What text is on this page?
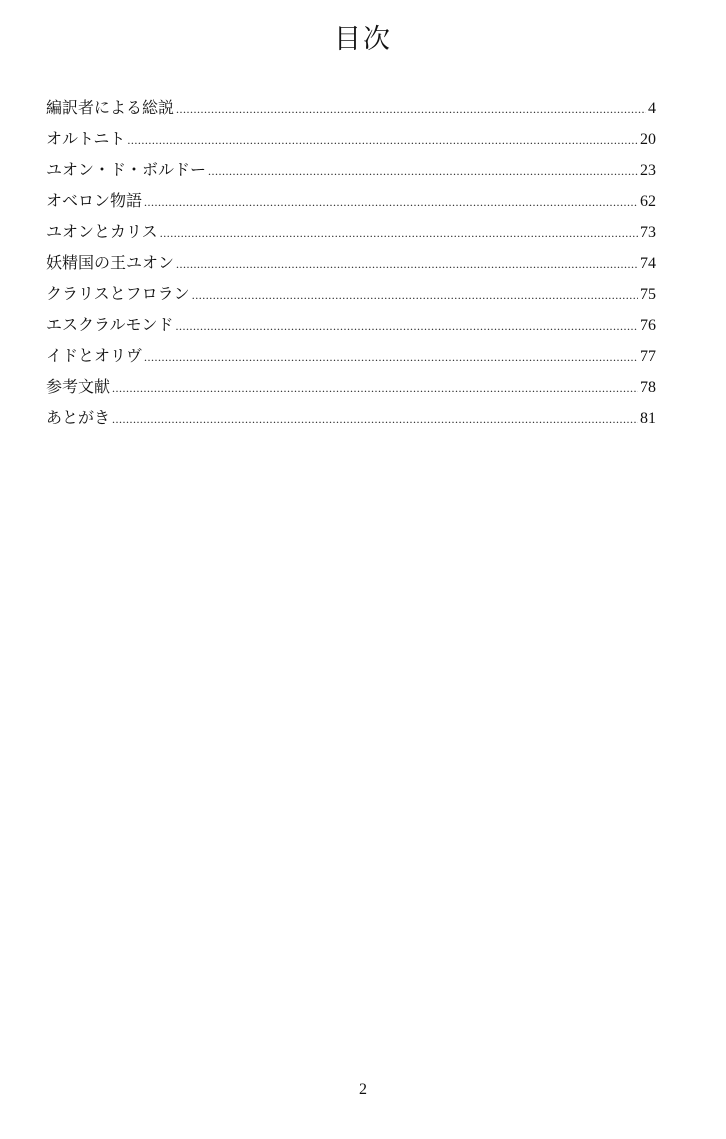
目次
編訳者による総説 .....	4
オルトニト .....	20
ユオン・ド・ボルドー .....	23
オベロン物語 .....	62
ユオンとカリス .....	73
妖精国の王ユオン .....	74
クラリスとフロラン .....	75
エスクラルモンド .....	76
イドとオリヴ .....	77
参考文献 .....	78
あとがき .....	81
2
